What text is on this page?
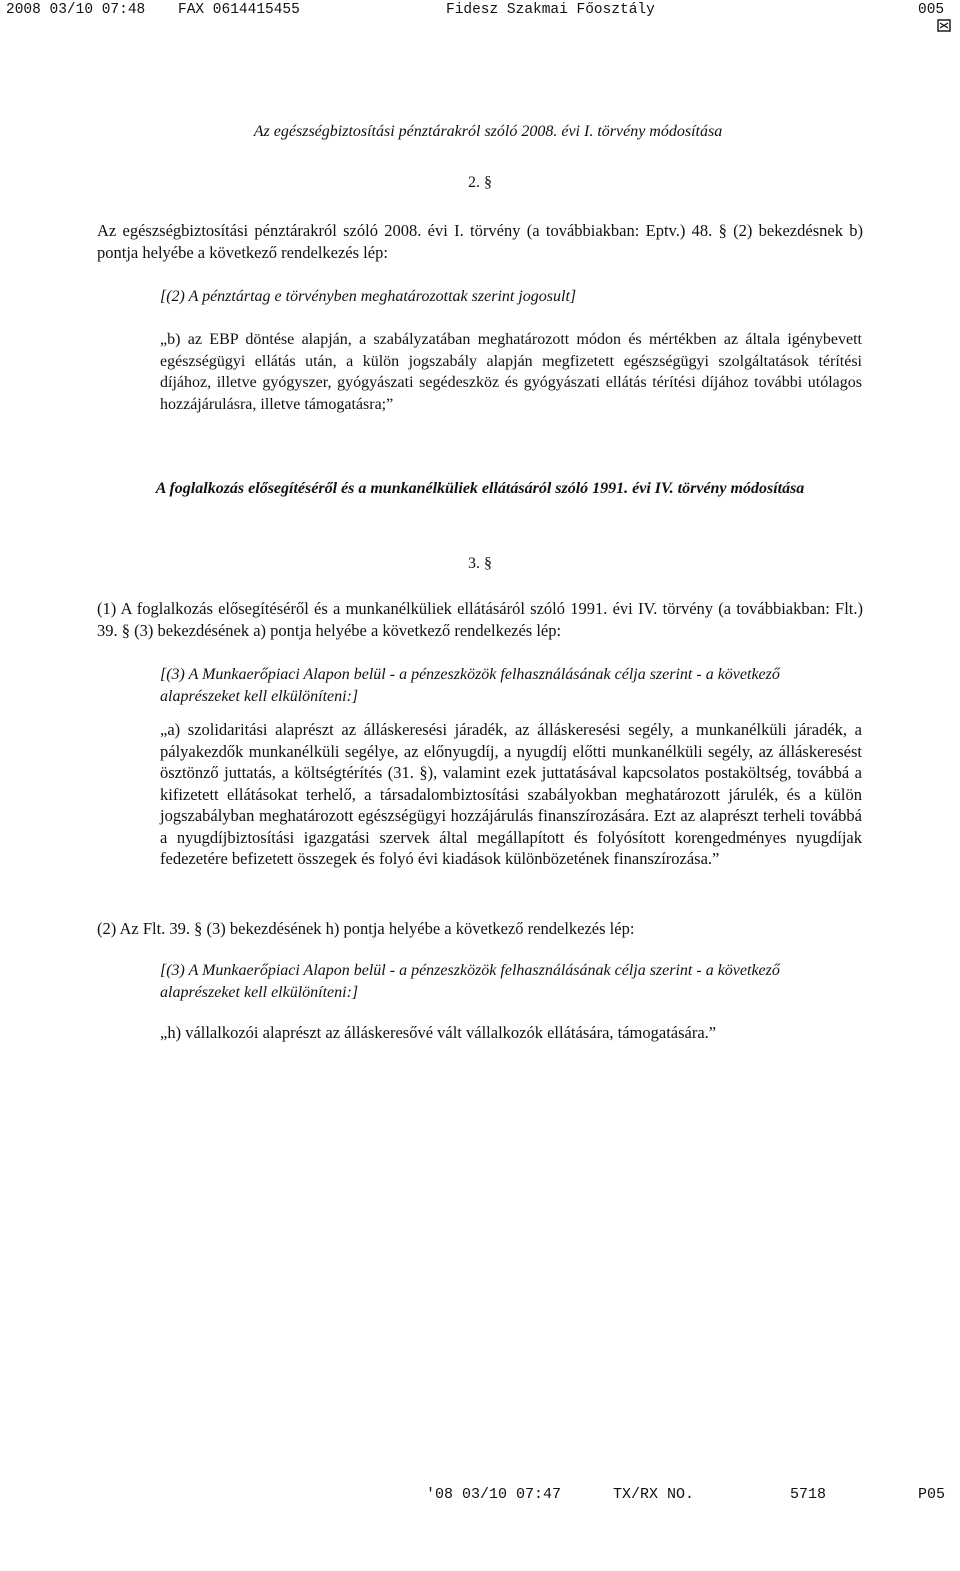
2008 03/10 07:48

FAX 0614415455

	Fidesz Szakmai Főosztály

	005

Az egészségbiztosítási pénztárakról szóló 2008. évi I. törvény módosítása
2. §
Az egészségbiztosítási pénztárakról szóló 2008. évi I. törvény (a továbbiakban: Eptv.) 48. § (2) bekezdésnek b) pontja helyébe a következő rendelkezés lép:
[(2) A pénztártag e törvényben meghatározottak szerint jogosult]
„b) az EBP döntése alapján, a szabályzatában meghatározott módon és mértékben az általa igénybevett egészségügyi ellátás után, a külön jogszabály alapján megfizetett egészségügyi szolgáltatások térítési díjához, illetve gyógyszer, gyógyászati segédeszköz és gyógyászati ellátás térítési díjához további utólagos hozzájárulásra, illetve támogatásra;”
A foglalkozás elősegítéséről és a munkanélküliek ellátásáról szóló 1991. évi IV. törvény módosítása
3. §
(1) A foglalkozás elősegítéséről és a munkanélküliek ellátásáról szóló 1991. évi IV. törvény (a továbbiakban: Flt.) 39. § (3) bekezdésének a) pontja helyébe a következő rendelkezés lép:
[(3) A Munkaerőpiaci Alapon belül - a pénzeszközök felhasználásának célja szerint - a következő alaprészeket kell elkülöníteni:]
„a) szolidaritási alaprészt az álláskeresési járadék, az álláskeresési segély, a munkanélküli járadék, a pályakezdők munkanélküli segélye, az előnyugdíj, a nyugdíj előtti munkanélküli segély, az álláskeresést ösztönző juttatás, a költségtérítés (31. §), valamint ezek juttatásával kapcsolatos postaköltség, továbbá a kifizetett ellátásokat terhelő, a társadalombiztosítási szabályokban meghatározott járulék, és a külön jogszabályban meghatározott egészségügyi hozzájárulás finanszírozására. Ezt az alaprészt terheli továbbá a nyugdíjbiztosítási igazgatási szervek által megállapított és folyósított korengedményes nyugdíjak fedezetére befizetett összegek és folyó évi kiadások különbözetének finanszírozása.”
(2) Az Flt. 39. § (3) bekezdésének h) pontja helyébe a következő rendelkezés lép:
[(3) A Munkaerőpiaci Alapon belül - a pénzeszközök felhasználásának célja szerint - a következő alaprészeket kell elkülöníteni:]
„h) vállalkozói alaprészt az álláskeresővé vált vállalkozók ellátására, támogatására.”

'08 03/10 07:47

	TX/RX NO.

	5718

	P05
